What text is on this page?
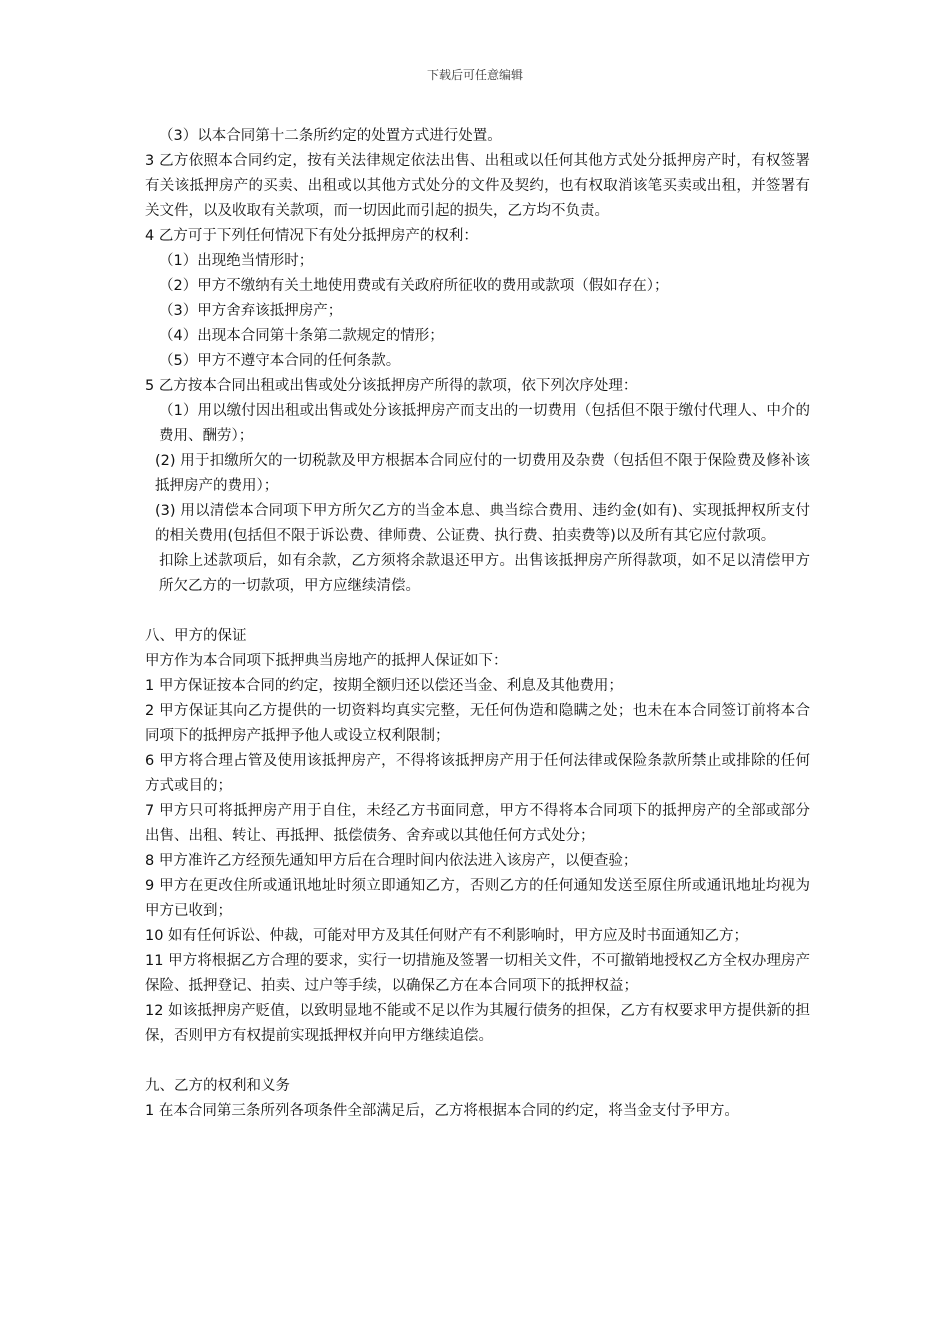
下载后可任意编辑

（3）以本合同第十二条所约定的处置方式进行处置。

3 乙方依照本合同约定，按有关法律规定依法出售、出租或以任何其他方式处分抵押房产时，有权签署有关该抵押房产的买卖、出租或以其他方式处分的文件及契约，也有权取消该笔买卖或出租，并签署有关文件，以及收取有关款项，而一切因此而引起的损失，乙方均不负责。

4 乙方可于下列任何情况下有处分抵押房产的权利：

（1）出现绝当情形时；

（2）甲方不缴纳有关土地使用费或有关政府所征收的费用或款项（假如存在）；

（3）甲方舍弃该抵押房产；

（4）出现本合同第十条第二款规定的情形；

（5）甲方不遵守本合同的任何条款。

5 乙方按本合同出租或出售或处分该抵押房产所得的款项，依下列次序处理：

（1）用以缴付因出租或出售或处分该抵押房产而支出的一切费用（包括但不限于缴付代理人、中介的费用、酬劳）；

(2) 用于扣缴所欠的一切税款及甲方根据本合同应付的一切费用及杂费（包括但不限于保险费及修补该抵押房产的费用）；

(3) 用以清偿本合同项下甲方所欠乙方的当金本息、典当综合费用、违约金(如有)、实现抵押权所支付的相关费用(包括但不限于诉讼费、律师费、公证费、执行费、拍卖费等)以及所有其它应付款项。

扣除上述款项后，如有余款，乙方须将余款退还甲方。出售该抵押房产所得款项，如不足以清偿甲方所欠乙方的一切款项，甲方应继续清偿。

八、甲方的保证

甲方作为本合同项下抵押典当房地产的抵押人保证如下：

1 甲方保证按本合同的约定，按期全额归还以偿还当金、利息及其他费用；

2 甲方保证其向乙方提供的一切资料均真实完整，无任何伪造和隐瞒之处；也未在本合同签订前将本合同项下的抵押房产抵押予他人或设立权利限制；

6 甲方将合理占管及使用该抵押房产，不得将该抵押房产用于任何法律或保险条款所禁止或排除的任何方式或目的；

7 甲方只可将抵押房产用于自住，未经乙方书面同意，甲方不得将本合同项下的抵押房产的全部或部分出售、出租、转让、再抵押、抵偿债务、舍弃或以其他任何方式处分；

8 甲方准许乙方经预先通知甲方后在合理时间内依法进入该房产，以便查验；

9 甲方在更改住所或通讯地址时须立即通知乙方，否则乙方的任何通知发送至原住所或通讯地址均视为甲方已收到；

10 如有任何诉讼、仲裁，可能对甲方及其任何财产有不利影响时，甲方应及时书面通知乙方；

11 甲方将根据乙方合理的要求，实行一切措施及签署一切相关文件，不可撤销地授权乙方全权办理房产保险、抵押登记、拍卖、过户等手续，以确保乙方在本合同项下的抵押权益；

12 如该抵押房产贬值，以致明显地不能或不足以作为其履行债务的担保，乙方有权要求甲方提供新的担保，否则甲方有权提前实现抵押权并向甲方继续追偿。

九、乙方的权利和义务

1 在本合同第三条所列各项条件全部满足后，乙方将根据本合同的约定，将当金支付予甲方。
